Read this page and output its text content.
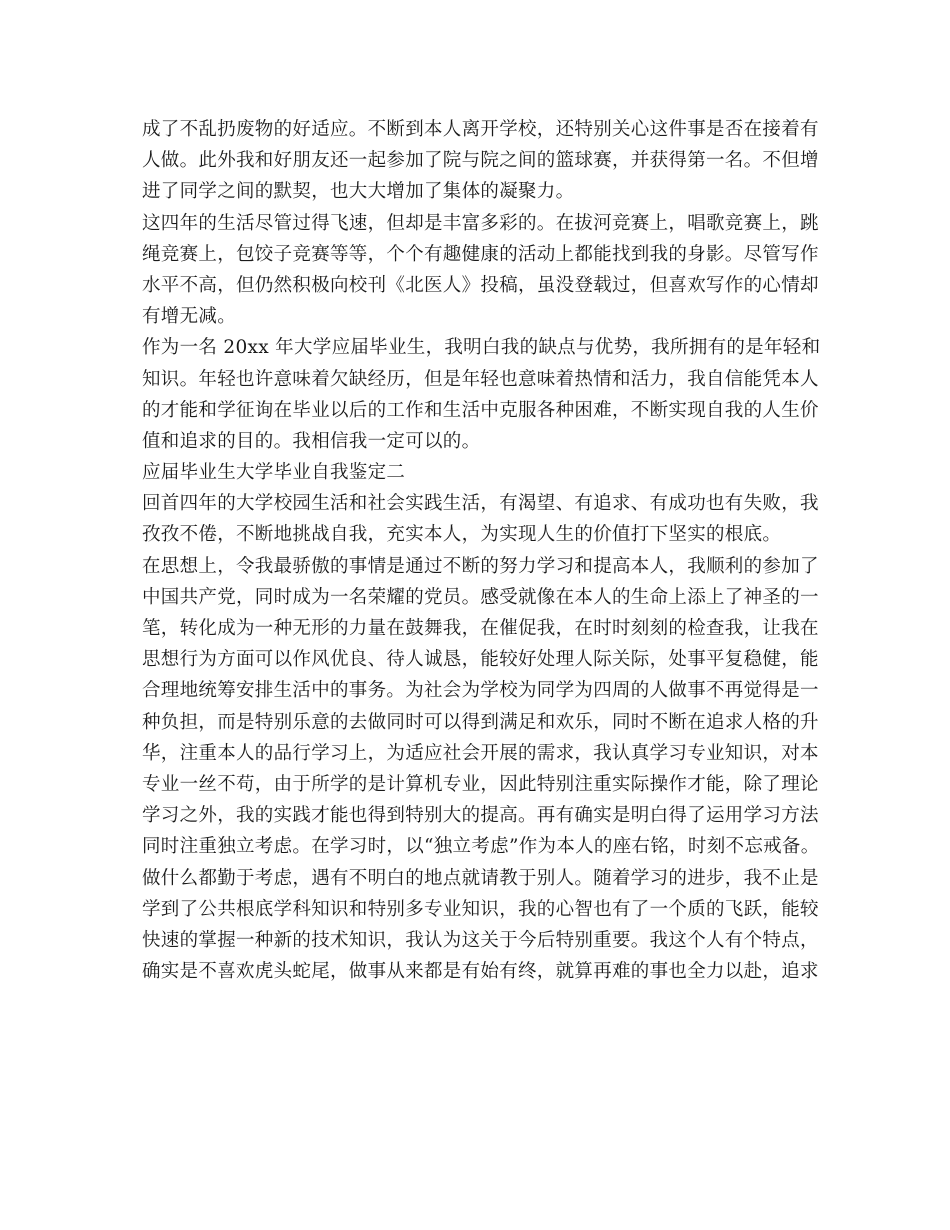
成了不乱扔废物的好适应。不断到本人离开学校，还特别关心这件事是否在接着有
人做。此外我和好朋友还一起参加了院与院之间的篮球赛，并获得第一名。不但增
进了同学之间的默契，也大大增加了集体的凝聚力。
这四年的生活尽管过得飞速，但却是丰富多彩的。在拔河竞赛上，唱歌竞赛上，跳
绳竞赛上，包饺子竞赛等等，个个有趣健康的活动上都能找到我的身影。尽管写作
水平不高，但仍然积极向校刊《北医人》投稿，虽没登载过，但喜欢写作的心情却
有增无减。
作为一名 20xx 年大学应届毕业生，我明白我的缺点与优势，我所拥有的是年轻和
知识。年轻也许意味着欠缺经历，但是年轻也意味着热情和活力，我自信能凭本人
的才能和学征询在毕业以后的工作和生活中克服各种困难，不断实现自我的人生价
值和追求的目的。我相信我一定可以的。
应届毕业生大学毕业自我鉴定二
回首四年的大学校园生活和社会实践生活，有渴望、有追求、有成功也有失败，我
孜孜不倦，不断地挑战自我，充实本人，为实现人生的价值打下坚实的根底。
在思想上，令我最骄傲的事情是通过不断的努力学习和提高本人，我顺利的参加了
中国共产党，同时成为一名荣耀的党员。感受就像在本人的生命上添上了神圣的一
笔，转化成为一种无形的力量在鼓舞我，在催促我，在时时刻刻的检查我，让我在
思想行为方面可以作风优良、待人诚恳，能较好处理人际关际，处事平复稳健，能
合理地统筹安排生活中的事务。为社会为学校为同学为四周的人做事不再觉得是一
种负担，而是特别乐意的去做同时可以得到满足和欢乐，同时不断在追求人格的升
华，注重本人的品行学习上，为适应社会开展的需求，我认真学习专业知识，对本
专业一丝不苟，由于所学的是计算机专业，因此特别注重实际操作才能，除了理论
学习之外，我的实践才能也得到特别大的提高。再有确实是明白得了运用学习方法
同时注重独立考虑。在学习时，以“独立考虑”作为本人的座右铭，时刻不忘戒备。
做什么都勤于考虑，遇有不明白的地点就请教于别人。随着学习的进步，我不止是
学到了公共根底学科知识和特别多专业知识，我的心智也有了一个质的飞跃，能较
快速的掌握一种新的技术知识，我认为这关于今后特别重要。我这个人有个特点，
确实是不喜欢虎头蛇尾，做事从来都是有始有终，就算再难的事也全力以赴，追求
